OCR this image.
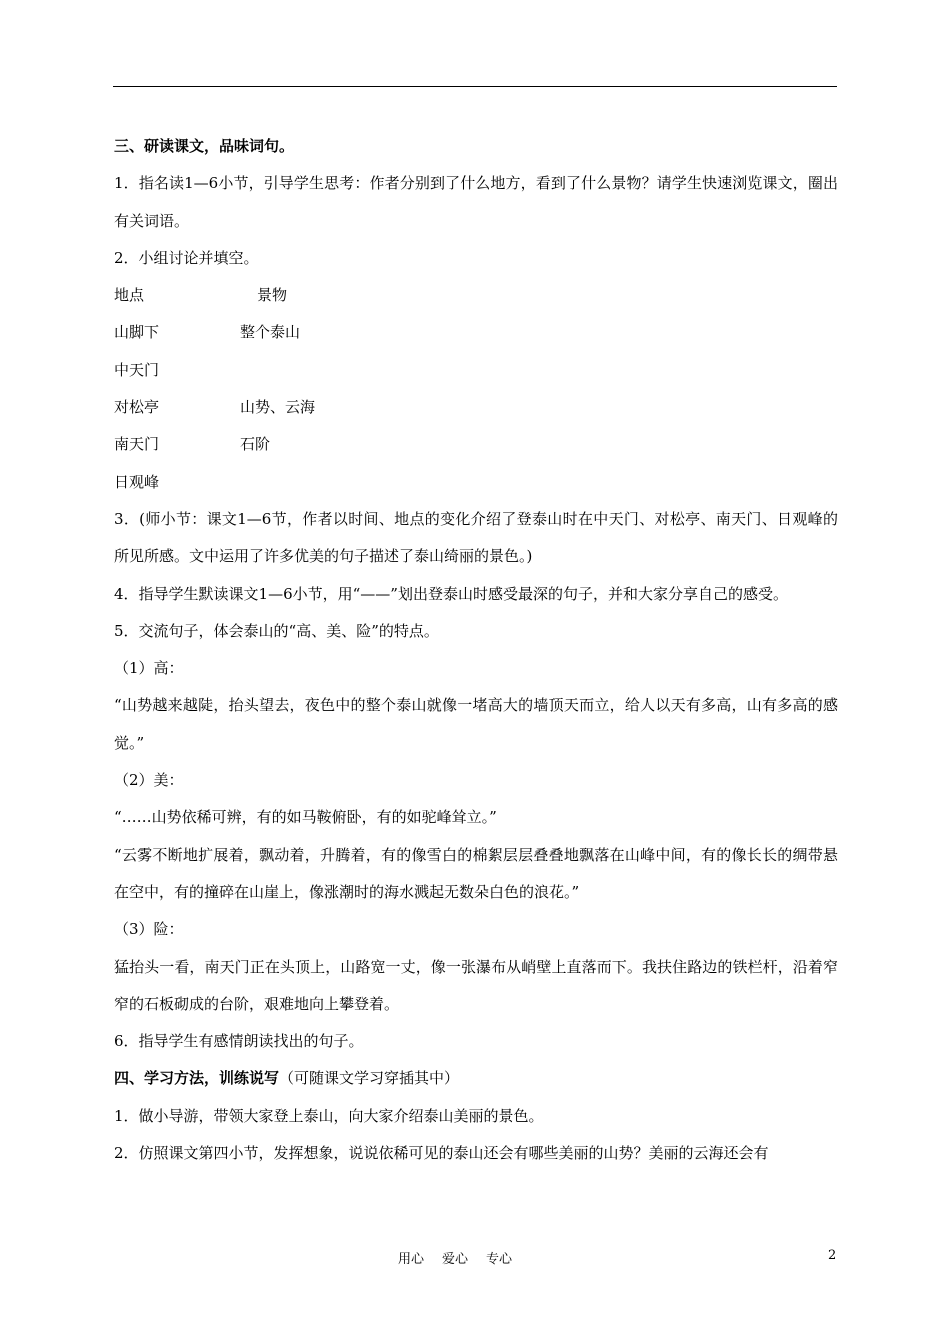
三、研读课文，品味词句。

1．指名读1—6小节，引导学生思考：作者分别到了什么地方，看到了什么景物？请学生快速浏览课文，圈出有关词语。

2．小组讨论并填空。

地点	景物
山脚下	整个泰山
中天门
对松亭	山势、云海
南天门	石阶
日观峰

3．(师小节：课文1—6节，作者以时间、地点的变化介绍了登泰山时在中天门、对松亭、南天门、日观峰的所见所感。文中运用了许多优美的句子描述了泰山绮丽的景色。)

4．指导学生默读课文1—6小节，用“——”划出登泰山时感受最深的句子，并和大家分享自己的感受。

5．交流句子，体会泰山的“高、美、险”的特点。

（1）高：

“山势越来越陡，抬头望去，夜色中的整个泰山就像一堵高大的墙顶天而立，给人以天有多高，山有多高的感觉。”

（2）美：

“……山势依稀可辨，有的如马鞍俯卧，有的如驼峰耸立。”

“云雾不断地扩展着，飘动着，升腾着，有的像雪白的棉絮层层叠叠地飘落在山峰中间，有的像长长的绸带悬在空中，有的撞碎在山崖上，像涨潮时的海水溅起无数朵白色的浪花。”

（3）险：

猛抬头一看，南天门正在头顶上，山路宽一丈，像一张瀑布从峭壁上直落而下。我扶住路边的铁栏杆，沿着窄窄的石板砌成的台阶，艰难地向上攀登着。

6．指导学生有感情朗读找出的句子。

四、学习方法，训练说写（可随课文学习穿插其中）

1．做小导游，带领大家登上泰山，向大家介绍泰山美丽的景色。

2．仿照课文第四小节，发挥想象，说说依稀可见的泰山还会有哪些美丽的山势？美丽的云海还会有

用心 爱心 专心	2
